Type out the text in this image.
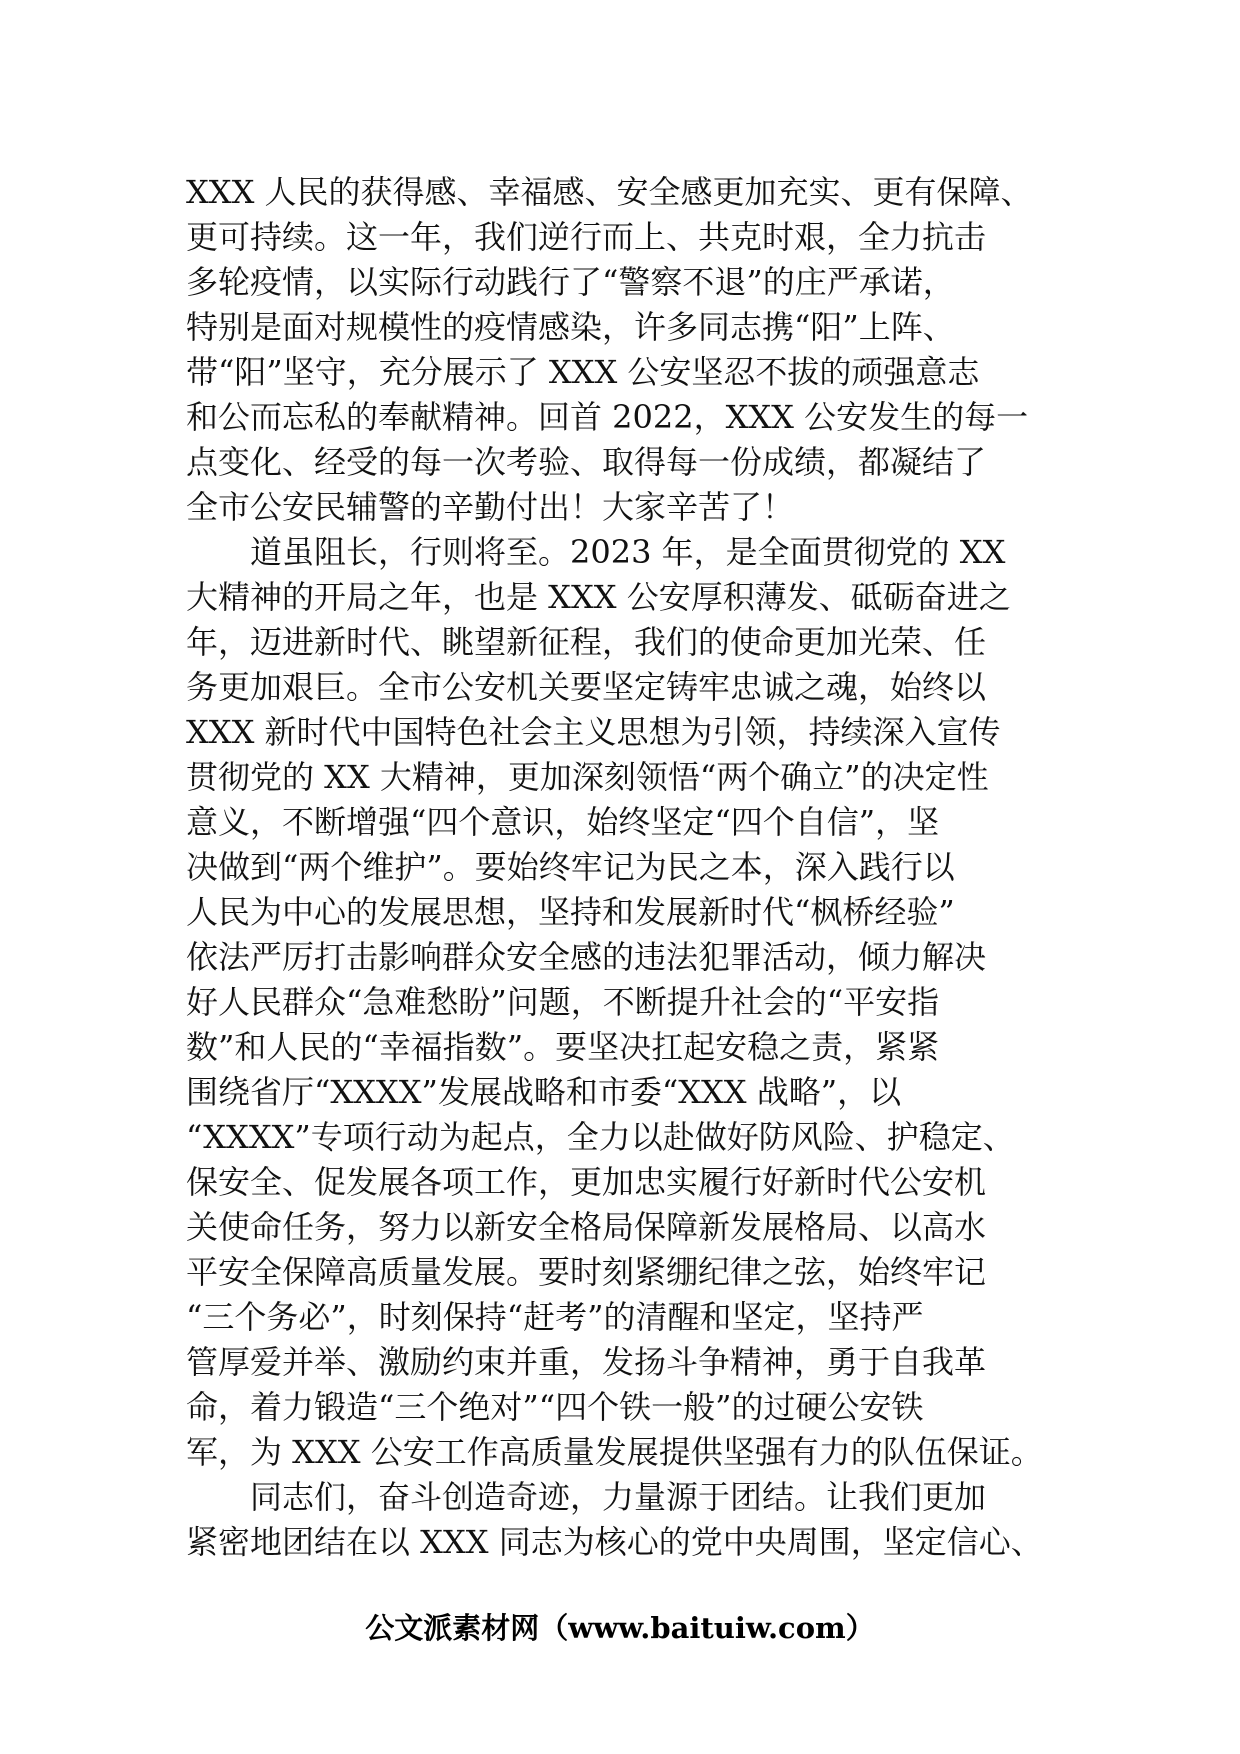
XXX 人民的获得感、幸福感、安全感更加充实、更有保障、
更可持续。这一年，我们逆行而上、共克时艰，全力抗击
多轮疫情，以实际行动践行了“警察不退”的庄严承诺，
特别是面对规模性的疫情感染，许多同志携“阳”上阵、
带“阳”坚守，充分展示了 XXX 公安坚忍不拔的顽强意志
和公而忘私的奉献精神。回首 2022，XXX 公安发生的每一
点变化、经受的每一次考验、取得每一份成绩，都凝结了
全市公安民辅警的辛勤付出！大家辛苦了！
　　道虽阻长，行则将至。2023 年，是全面贯彻党的 XX
大精神的开局之年，也是 XXX 公安厚积薄发、砥砺奋进之
年，迈进新时代、眺望新征程，我们的使命更加光荣、任
务更加艰巨。全市公安机关要坚定铸牢忠诚之魂，始终以
XXX 新时代中国特色社会主义思想为引领，持续深入宣传
贯彻党的 XX 大精神，更加深刻领悟“两个确立”的决定性
意义，不断增强“四个意识，始终坚定“四个自信”，坚
决做到“两个维护”。要始终牢记为民之本，深入践行以
人民为中心的发展思想，坚持和发展新时代“枫桥经验”
依法严厉打击影响群众安全感的违法犯罪活动，倾力解决
好人民群众“急难愁盼”问题，不断提升社会的“平安指
数”和人民的“幸福指数”。要坚决扛起安稳之责，紧紧
围绕省厅“XXXX”发展战略和市委“XXX 战略”，以
“XXXX”专项行动为起点，全力以赴做好防风险、护稳定、
保安全、促发展各项工作，更加忠实履行好新时代公安机
关使命任务，努力以新安全格局保障新发展格局、以高水
平安全保障高质量发展。要时刻紧绷纪律之弦，始终牢记
“三个务必”，时刻保持“赶考”的清醒和坚定，坚持严
管厚爱并举、激励约束并重，发扬斗争精神，勇于自我革
命，着力锻造“三个绝对”“四个铁一般”的过硬公安铁
军，为 XXX 公安工作高质量发展提供坚强有力的队伍保证。
　　同志们，奋斗创造奇迹，力量源于团结。让我们更加
紧密地团结在以 XXX 同志为核心的党中央周围，坚定信心、
公文派素材网（www.baituiw.com）
